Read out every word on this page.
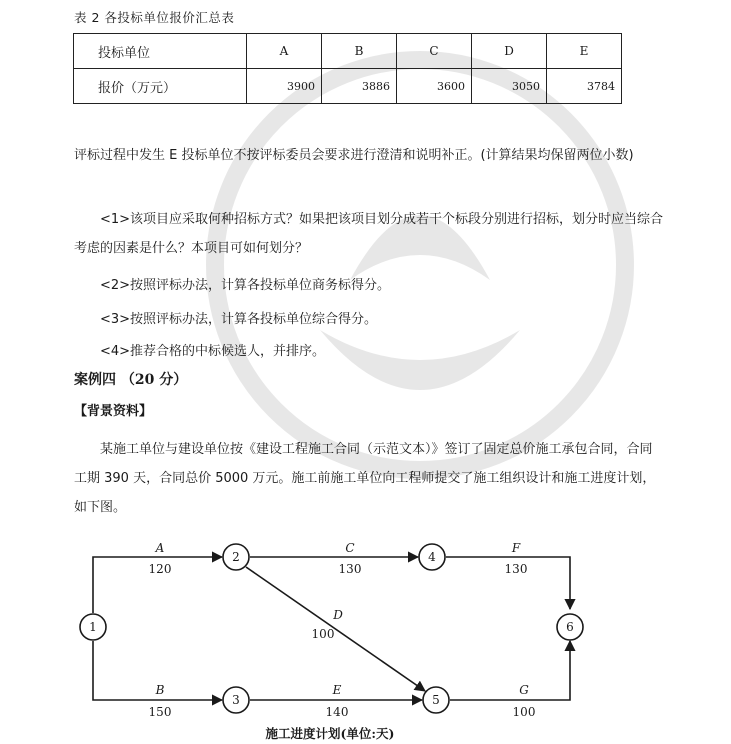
表 2 各投标单位报价汇总表
投标单位	A	B	C	D	E
报价（万元）	3900	3886	3600	3050	3784
评标过程中发生 E 投标单位不按评标委员会要求进行澄清和说明补正。(计算结果均保留两位小数)
<1>该项目应采取何种招标方式？如果把该项目划分成若干个标段分别进行招标，划分时应当综合考虑的因素是什么？本项目可如何划分？
<2>按照评标办法，计算各投标单位商务标得分。
<3>按照评标办法，计算各投标单位综合得分。
<4>推荐合格的中标候选人，并排序。
案例四 （20 分）
【背景资料】
某施工单位与建设单位按《建设工程施工合同（示范文本）》签订了固定总价施工承包合同，合同工期 390 天，合同总价 5000 万元。施工前施工单位向工程师提交了施工组织设计和施工进度计划，如下图。
1
2
3
4
5
6
A
120
B
150
C
130
D
100
E
140
F
130
G
100
施工进度计划(单位:天)
